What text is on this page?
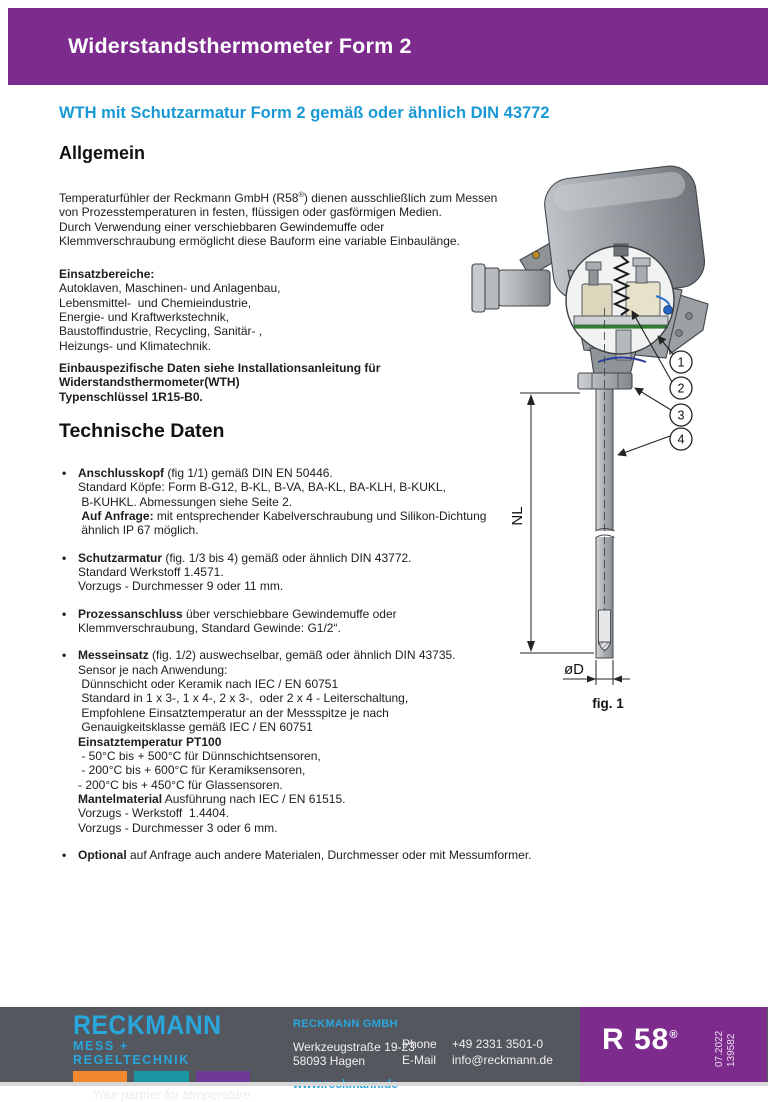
Widerstandsthermometer Form 2
WTH mit Schutzarmatur Form 2 gemäß oder ähnlich DIN 43772
Allgemein
Temperaturfühler der Reckmann GmbH (R58®) dienen ausschließlich zum Messen
von Prozesstemperaturen in festen, flüssigen oder gasförmigen Medien.
Durch Verwendung einer verschiebbaren Gewindemuffe oder
Klemmverschraubung ermöglicht diese Bauform eine variable Einbaulänge.
Einsatzbereiche:
Autoklaven, Maschinen- und Anlagenbau,
Lebensmittel-  und Chemieindustrie,
Energie- und Kraftwerkstechnik,
Baustoffindustrie, Recycling, Sanitär- ,
Heizungs- und Klimatechnik.
Einbauspezifische Daten siehe Installationsanleitung für
Widerstandsthermometer(WTH)
Typenschlüssel 1R15-B0.
Technische Daten
• Anschlusskopf (fig 1/1) gemäß DIN EN 50446.
Standard Köpfe: Form B-G12, B-KL, B-VA, BA-KL, BA-KLH, B-KUKL,
B-KUHKL. Abmessungen siehe Seite 2.
Auf Anfrage: mit entsprechender Kabelverschraubung und Silikon-Dichtung
ähnlich IP 67 möglich.
• Schutzarmatur (fig. 1/3 bis 4) gemäß oder ähnlich DIN 43772.
Standard Werkstoff 1.4571.
Vorzugs - Durchmesser 9 oder 11 mm.
• Prozessanschluss über verschiebbare Gewindemuffe oder
Klemmverschraubung, Standard Gewinde: G1/2“.
• Messeinsatz (fig. 1/2) auswechselbar, gemäß oder ähnlich DIN 43735.
Sensor je nach Anwendung:
Dünnschicht oder Keramik nach IEC / EN 60751
Standard in 1 x 3-, 1 x 4-, 2 x 3-,  oder 2 x 4 - Leiterschaltung,
Empfohlene Einsatztemperatur an der Messspitze je nach
Genauigkeitsklasse gemäß IEC / EN 60751
Einsatztemperatur PT100
- 50°C bis + 500°C für Dünnschichtsensoren,
- 200°C bis + 600°C für Keramiksensoren,
- 200°C bis + 450°C für Glassensoren.
Mantelmaterial Ausführung nach IEC / EN 61515.
Vorzugs - Werkstoff  1.4404.
Vorzugs - Durchmesser 3 oder 6 mm.
• Optional auf Anfrage auch andere Materialen, Durchmesser oder mit Messumformer.
NL
øD
1
2
3
4
fig. 1
RECKMANN
MESS + REGELTECHNIK
Your partner for temperature
RECKMANN GMBH
Werkzeugstraße 19-23
58093 Hagen
Phone	+49 2331 3501-0
E-Mail	info@reckmann.de
R 58®	07.2022 139582
